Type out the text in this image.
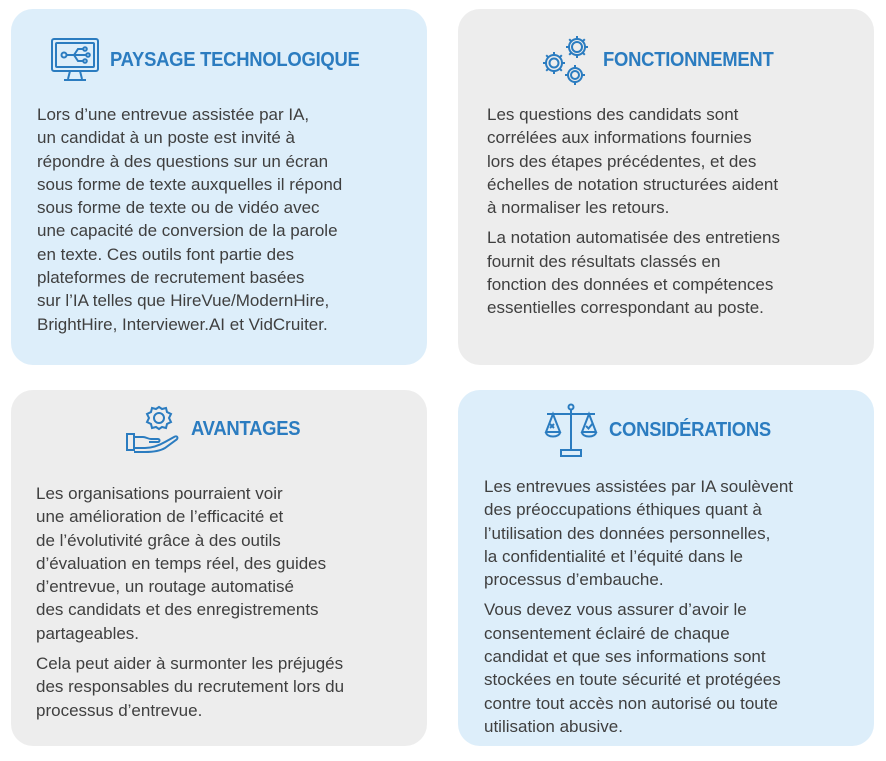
PAYSAGE TECHNOLOGIQUE

Lors d’une entrevue assistée par IA,
un candidat à un poste est invité à
répondre à des questions sur un écran
sous forme de texte auxquelles il répond
sous forme de texte ou de vidéo avec
une capacité de conversion de la parole
en texte. Ces outils font partie des
plateformes de recrutement basées
sur l’IA telles que HireVue/ModernHire,
BrightHire, Interviewer.AI et VidCruiter.

FONCTIONNEMENT

Les questions des candidats sont
corrélées aux informations fournies
lors des étapes précédentes, et des
échelles de notation structurées aident
à normaliser les retours.

La notation automatisée des entretiens
fournit des résultats classés en
fonction des données et compétences
essentielles correspondant au poste.

AVANTAGES

Les organisations pourraient voir
une amélioration de l’efficacité et
de l’évolutivité grâce à des outils
d’évaluation en temps réel, des guides
d’entrevue, un routage automatisé
des candidats et des enregistrements
partageables.

Cela peut aider à surmonter les préjugés
des responsables du recrutement lors du
processus d’entrevue.

CONSIDÉRATIONS

Les entrevues assistées par IA soulèvent
des préoccupations éthiques quant à
l’utilisation des données personnelles,
la confidentialité et l’équité dans le
processus d’embauche.

Vous devez vous assurer d’avoir le
consentement éclairé de chaque
candidat et que ses informations sont
stockées en toute sécurité et protégées
contre tout accès non autorisé ou toute
utilisation abusive.
